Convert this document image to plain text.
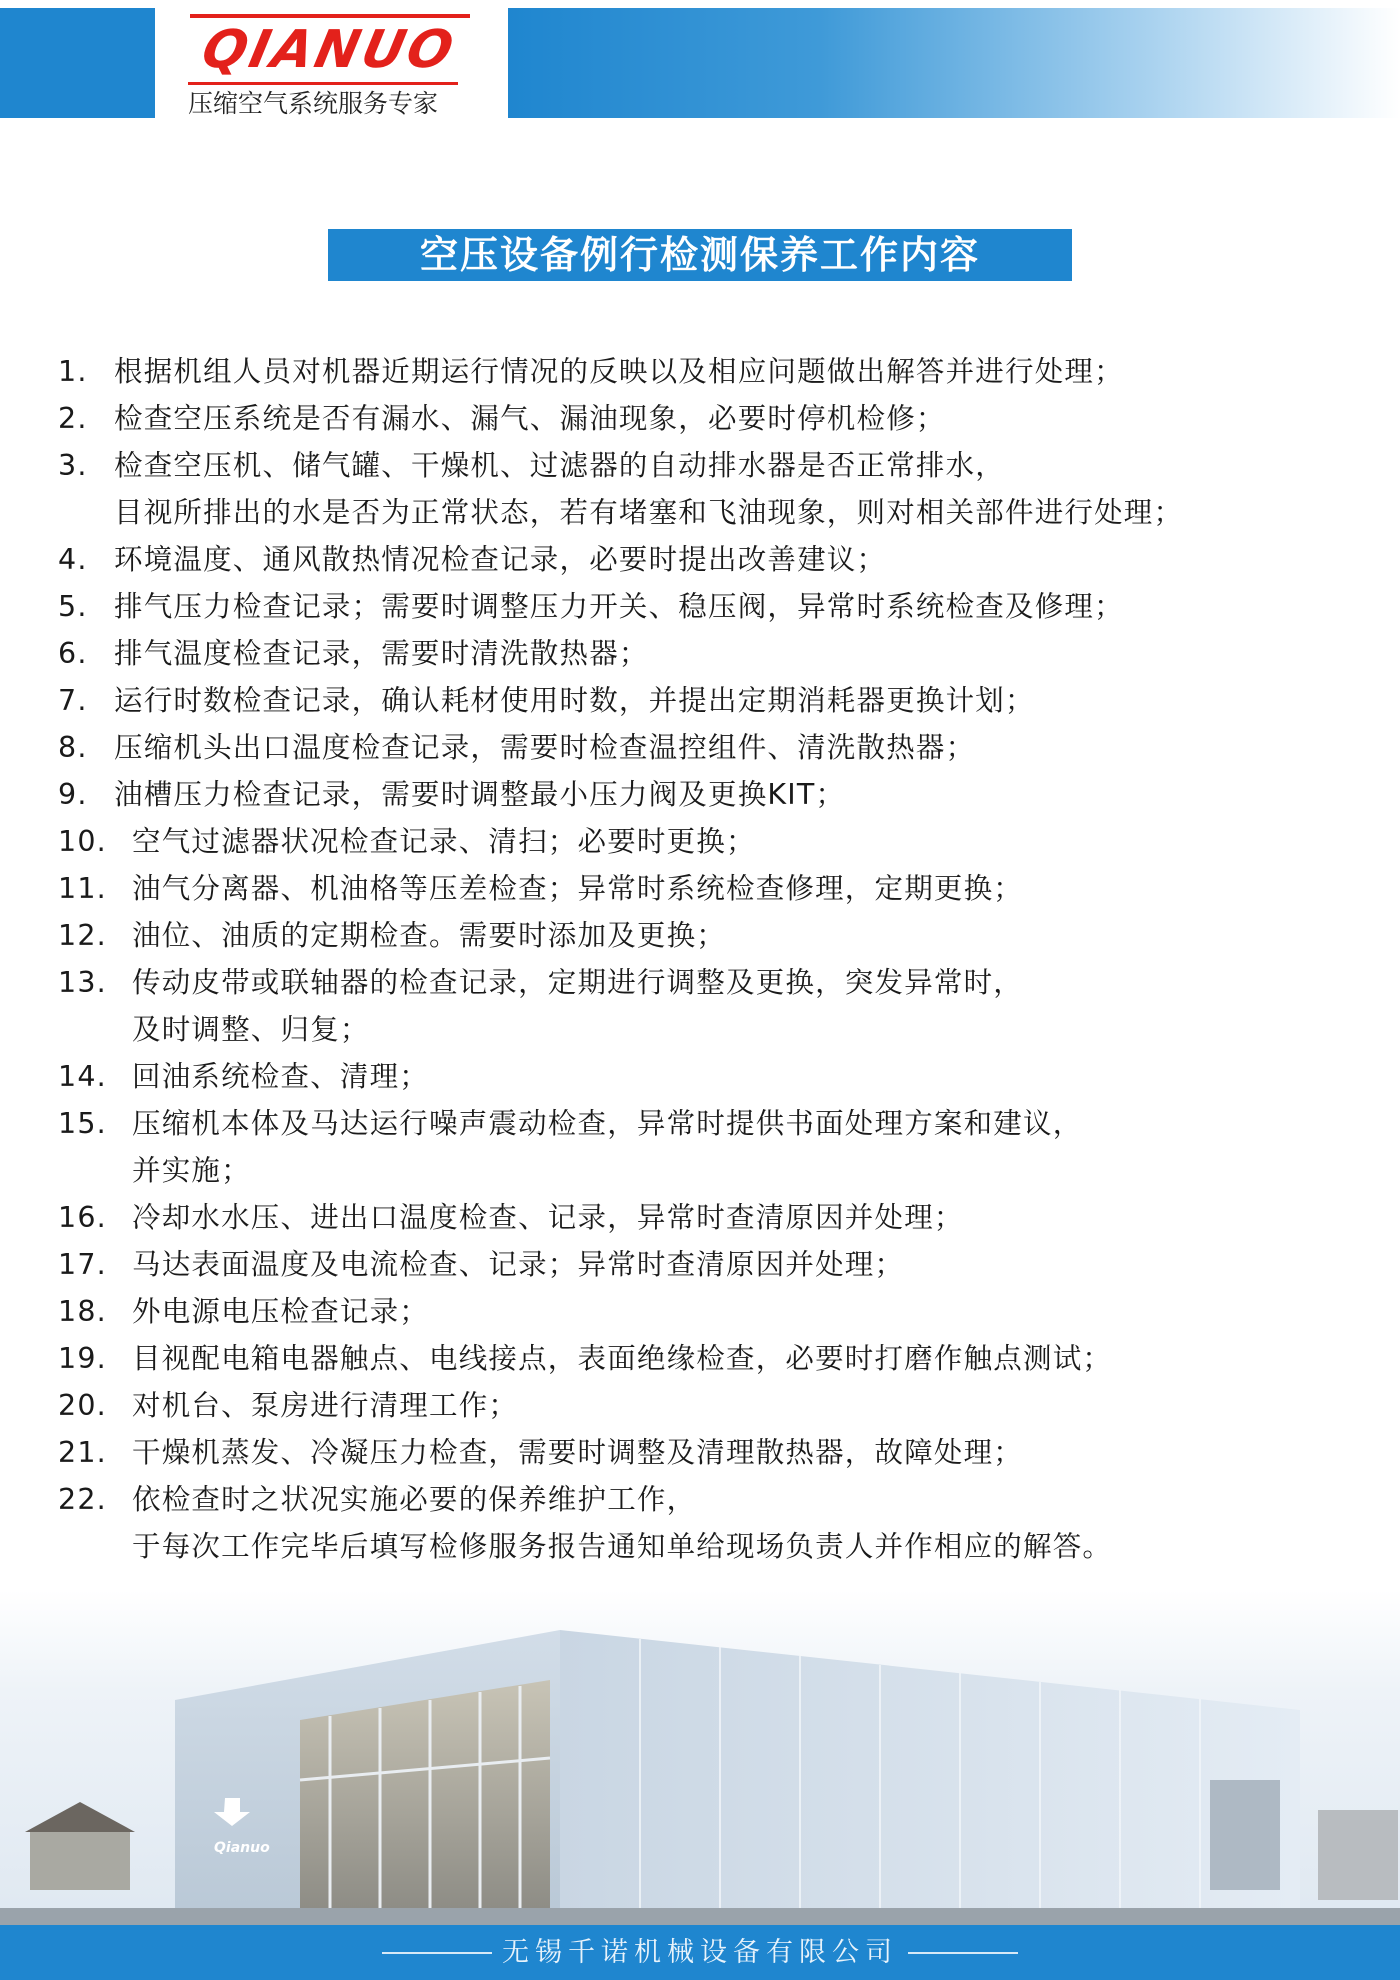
QIANUO
压缩空气系统服务专家
空压设备例行检测保养工作内容
1. 根据机组人员对机器近期运行情况的反映以及相应问题做出解答并进行处理；
2. 检查空压系统是否有漏水、漏气、漏油现象，必要时停机检修；
3. 检查空压机、储气罐、干燥机、过滤器的自动排水器是否正常排水，
目视所排出的水是否为正常状态，若有堵塞和飞油现象，则对相关部件进行处理；
4. 环境温度、通风散热情况检查记录，必要时提出改善建议；
5. 排气压力检查记录；需要时调整压力开关、稳压阀，异常时系统检查及修理；
6. 排气温度检查记录，需要时清洗散热器；
7. 运行时数检查记录，确认耗材使用时数，并提出定期消耗器更换计划；
8. 压缩机头出口温度检查记录，需要时检查温控组件、清洗散热器；
9. 油槽压力检查记录，需要时调整最小压力阀及更换KIT；
10. 空气过滤器状况检查记录、清扫；必要时更换；
11. 油气分离器、机油格等压差检查；异常时系统检查修理，定期更换；
12. 油位、油质的定期检查。需要时添加及更换；
13. 传动皮带或联轴器的检查记录，定期进行调整及更换，突发异常时，
及时调整、归复；
14. 回油系统检查、清理；
15. 压缩机本体及马达运行噪声震动检查，异常时提供书面处理方案和建议，
并实施；
16. 冷却水水压、进出口温度检查、记录，异常时查清原因并处理；
17. 马达表面温度及电流检查、记录；异常时查清原因并处理；
18. 外电源电压检查记录；
19. 目视配电箱电器触点、电线接点，表面绝缘检查，必要时打磨作触点测试；
20. 对机台、泵房进行清理工作；
21. 干燥机蒸发、冷凝压力检查，需要时调整及清理散热器，故障处理；
22. 依检查时之状况实施必要的保养维护工作，
于每次工作完毕后填写检修服务报告通知单给现场负责人并作相应的解答。
Qianuo
无锡千诺机械设备有限公司
